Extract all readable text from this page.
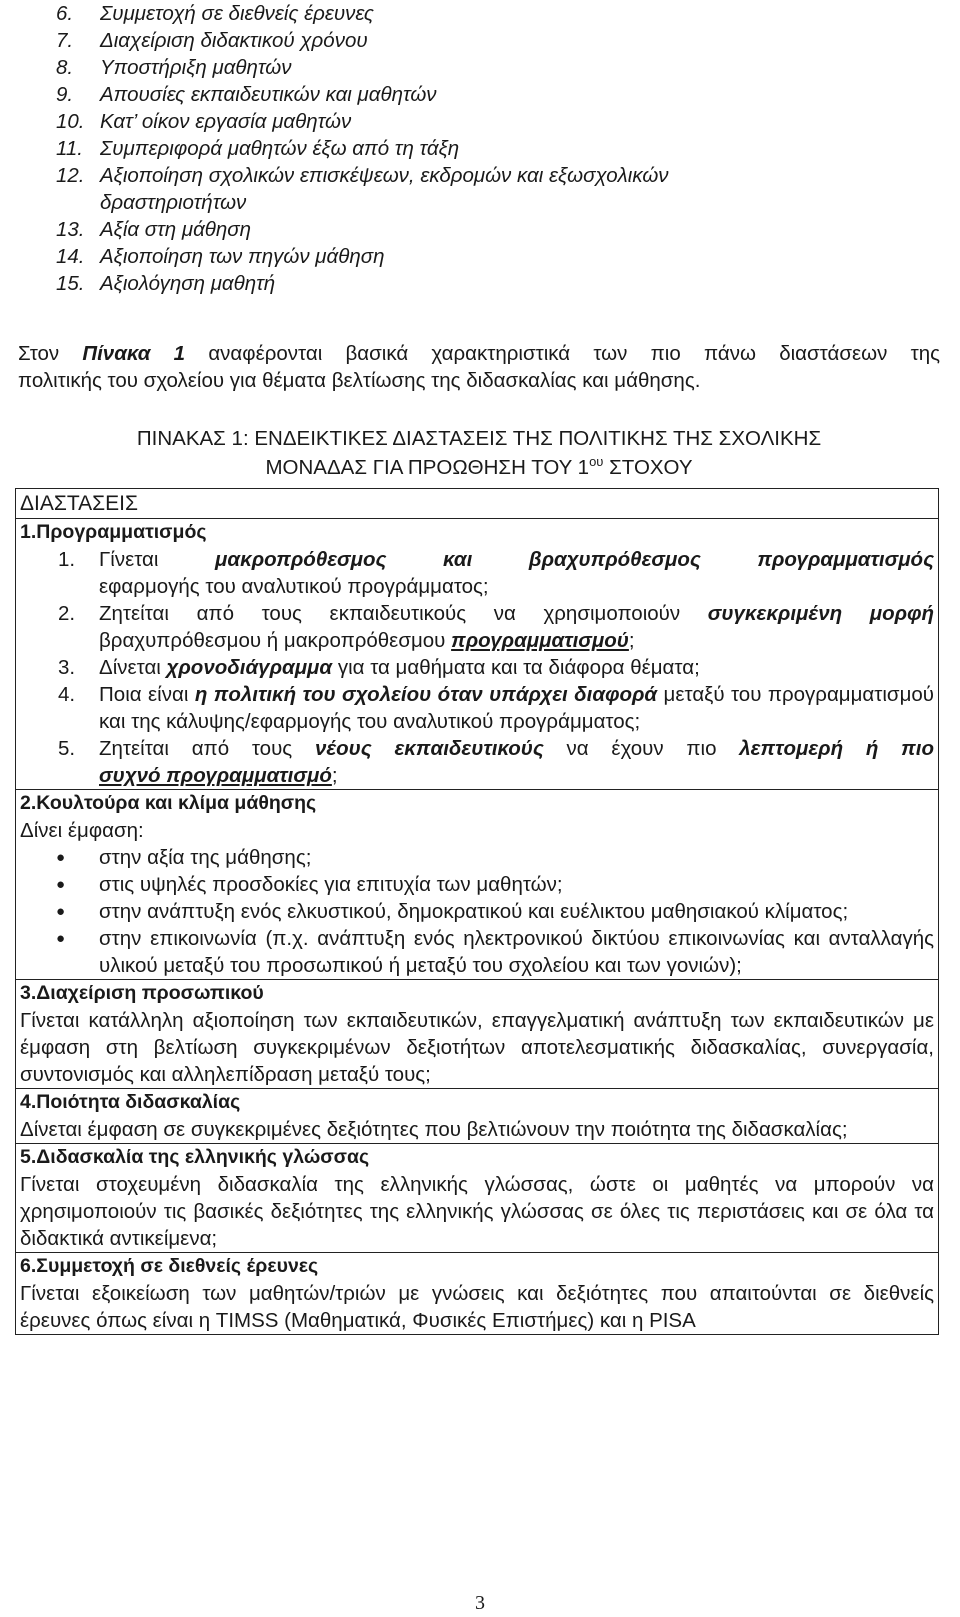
6.	Συμμετοχή σε διεθνείς έρευνες
7.	Διαχείριση διδακτικού χρόνου
8.	Υποστήριξη μαθητών
9.	Απουσίες εκπαιδευτικών και μαθητών
10. Κατ’ οίκον εργασία μαθητών
11. Συμπεριφορά μαθητών έξω από τη τάξη
12. Αξιοποίηση σχολικών επισκέψεων, εκδρομών και εξωσχολικών δραστηριοτήτων
13. Αξία στη μάθηση
14. Αξιοποίηση των πηγών μάθηση
15. Αξιολόγηση μαθητή
Στον Πίνακα 1 αναφέρονται βασικά χαρακτηριστικά των πιο πάνω διαστάσεων της
πολιτικής του σχολείου για θέματα βελτίωσης της διδασκαλίας και μάθησης.
ΠΙΝΑΚΑΣ 1: ΕΝΔΕΙΚΤΙΚΕΣ ΔΙΑΣΤΑΣΕΙΣ ΤΗΣ ΠΟΛΙΤΙΚΗΣ ΤΗΣ ΣΧΟΛΙΚΗΣ
ΜΟΝΑΔΑΣ ΓΙΑ ΠΡΟΩΘΗΣΗ ΤΟΥ $1^{o\upsilon}$ ΣΤΟΧΟΥ
ΔΙΑΣΤΑΣΕΙΣ
1.Προγραμματισμός
1.	Γίνεται μακροπρόθεσμος και βραχυπρόθεσμος προγραμματισμός
εφαρμογής του αναλυτικού προγράμματος;
2.	Ζητείται από τους εκπαιδευτικούς να χρησιμοποιούν συγκεκριμένη μορφή
βραχυπρόθεσμου ή μακροπρόθεσμου προγραμματισμού;
3.	Δίνεται χρονοδιάγραμμα για τα μαθήματα και τα διάφορα θέματα;
4.	Ποια είναι η πολιτική του σχολείου όταν υπάρχει διαφορά μεταξύ του προγραμματισμού και της κάλυψης/εφαρμογής του αναλυτικού προγράμματος;
5.	Ζητείται από τους νέους εκπαιδευτικούς να έχουν πιο λεπτομερή ή πιο
συχνό προγραμματισμό;
2.Κουλτούρα και κλίμα μάθησης
Δίνει έμφαση:
●	στην αξία της μάθησης;
●	στις υψηλές προσδοκίες για επιτυχία των μαθητών;
●	στην ανάπτυξη ενός ελκυστικού, δημοκρατικού και ευέλικτου μαθησιακού κλίματος;
●	στην επικοινωνία (π.χ. ανάπτυξη ενός ηλεκτρονικού δικτύου επικοινωνίας και ανταλλαγής υλικού μεταξύ του προσωπικού ή μεταξύ του σχολείου και των γονιών);
3.Διαχείριση προσωπικού
Γίνεται κατάλληλη αξιοποίηση των εκπαιδευτικών, επαγγελματική ανάπτυξη των εκπαιδευτικών με έμφαση στη βελτίωση συγκεκριμένων δεξιοτήτων αποτελεσματικής διδασκαλίας, συνεργασία, συντονισμός και αλληλεπίδραση μεταξύ τους;
4.Ποιότητα διδασκαλίας
Δίνεται έμφαση σε συγκεκριμένες δεξιότητες που βελτιώνουν την ποιότητα της διδασκαλίας;
5.Διδασκαλία της ελληνικής γλώσσας
Γίνεται στοχευμένη διδασκαλία της ελληνικής γλώσσας, ώστε οι μαθητές να μπορούν να χρησιμοποιούν τις βασικές δεξιότητες της ελληνικής γλώσσας σε όλες τις περιστάσεις και σε όλα τα διδακτικά αντικείμενα;
6.Συμμετοχή σε διεθνείς έρευνες
Γίνεται εξοικείωση των μαθητών/τριών με γνώσεις και δεξιότητες που απαιτούνται σε διεθνείς έρευνες όπως είναι η TIMSS (Μαθηματικά, Φυσικές Επιστήμες) και η PISA
3
